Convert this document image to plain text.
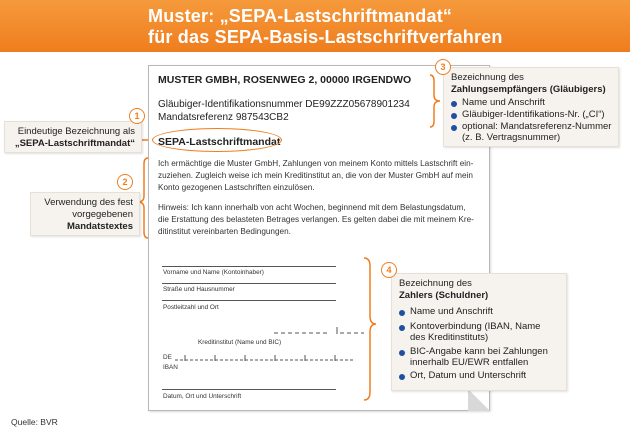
Muster: „SEPA-Lastschriftmandat“
für das SEPA-Basis-Lastschriftverfahren
MUSTER GMBH, ROSENWEG 2, 00000 IRGENDWO
Gläubiger-Identifikationsnummer DE99ZZZ05678901234
Mandatsreferenz 987543CB2
SEPA-Lastschriftmandat
Ich ermächtige die Muster GmbH, Zahlungen von meinem Konto mittels Lastschrift ein-
zuziehen. Zugleich weise ich mein Kreditinstitut an, die von der Muster GmbH auf mein
Konto gezogenen Lastschriften einzulösen.
Hinweis: Ich kann innerhalb von acht Wochen, beginnend mit dem Belastungsdatum,
die Erstattung des belasteten Betrages verlangen. Es gelten dabei die mit meinem Kre-
ditinstitut vereinbarten Bedingungen.
Vorname und Name (Kontoinhaber)
Straße und Hausnummer
Postleitzahl und Ort
Kreditinstitut (Name und BIC)
DE
IBAN
Datum, Ort und Unterschrift
Eindeutige Bezeichnung als
„SEPA-Lastschriftmandat“
1
Verwendung des fest
vorgegebenen
Mandatstextes
2
Bezeichnung des
Zahlungsempfängers (Gläubigers)
Name und Anschrift
Gläubiger-Identifikations-Nr. („CI“)
optional: Mandatsreferenz-Nummer
(z. B. Vertragsnummer)
3
Bezeichnung des
Zahlers (Schuldner)
Name und Anschrift
Kontoverbindung (IBAN, Name
des Kreditinstituts)
BIC-Angabe kann bei Zahlungen
innerhalb EU/EWR entfallen
Ort, Datum und Unterschrift
4
Quelle: BVR
